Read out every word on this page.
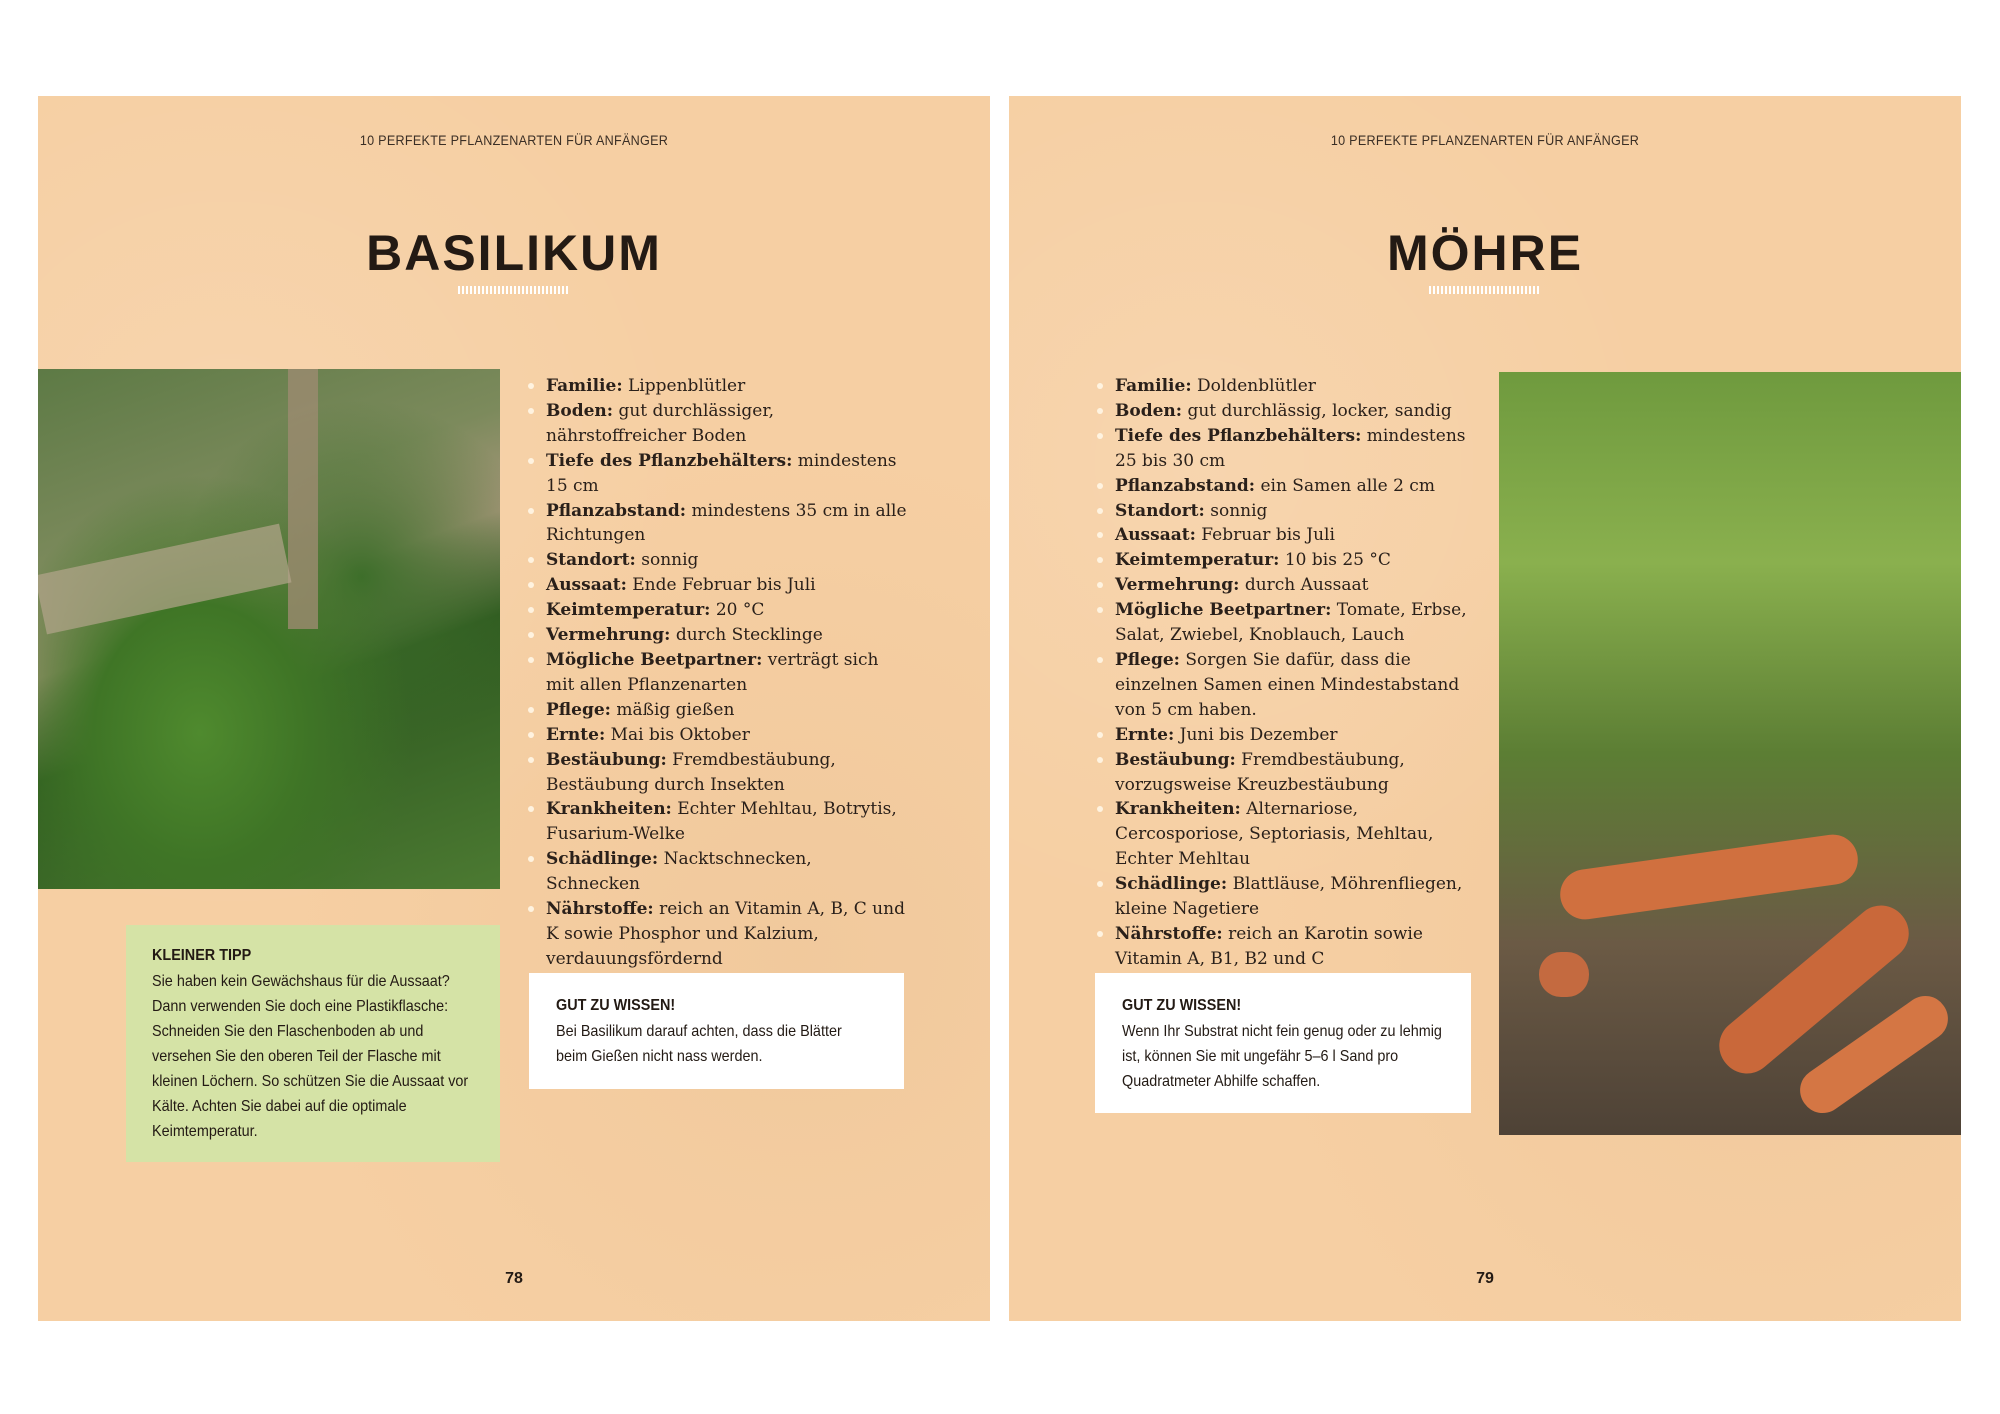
10 PERFEKTE PFLANZENARTEN FÜR ANFÄNGER
BASILIKUM
Familie: Lippenblütler
Boden: gut durchlässiger, nährstoffreicher Boden
Tiefe des Pflanzbehälters: mindestens 15 cm
Pflanzabstand: mindestens 35 cm in alle Richtungen
Standort: sonnig
Aussaat: Ende Februar bis Juli
Keimtemperatur: 20 °C
Vermehrung: durch Stecklinge
Mögliche Beetpartner: verträgt sich mit allen Pflanzenarten
Pflege: mäßig gießen
Ernte: Mai bis Oktober
Bestäubung: Fremdbestäubung, Bestäubung durch Insekten
Krankheiten: Echter Mehltau, Botrytis, Fusarium-Welke
Schädlinge: Nacktschnecken, Schnecken
Nährstoffe: reich an Vitamin A, B, C und K sowie Phosphor und Kalzium, verdauungsfördernd
KLEINER TIPP

Sie haben kein Gewächshaus für die Aussaat? Dann verwenden Sie doch eine Plastikflasche: Schneiden Sie den Flaschenboden ab und versehen Sie den oberen Teil der Flasche mit kleinen Löchern. So schützen Sie die Aussaat vor Kälte. Achten Sie dabei auf die optimale Keimtemperatur.

GUT ZU WISSEN!

Bei Basilikum darauf achten, dass die Blätter beim Gießen nicht nass werden.

78
10 PERFEKTE PFLANZENARTEN FÜR ANFÄNGER
MÖHRE
Familie: Doldenblütler
Boden: gut durchlässig, locker, sandig
Tiefe des Pflanzbehälters: mindestens 25 bis 30 cm
Pflanzabstand: ein Samen alle 2 cm
Standort: sonnig
Aussaat: Februar bis Juli
Keimtemperatur: 10 bis 25 °C
Vermehrung: durch Aussaat
Mögliche Beetpartner: Tomate, Erbse, Salat, Zwiebel, Knoblauch, Lauch
Pflege: Sorgen Sie dafür, dass die einzelnen Samen einen Mindestabstand von 5 cm haben.
Ernte: Juni bis Dezember
Bestäubung: Fremdbestäubung, vorzugsweise Kreuzbestäubung
Krankheiten: Alternariose, Cercosporiose, Septoriasis, Mehltau, Echter Mehltau
Schädlinge: Blattläuse, Möhrenfliegen, kleine Nagetiere
Nährstoffe: reich an Karotin sowie Vitamin A, B1, B2 und C
GUT ZU WISSEN!

Wenn Ihr Substrat nicht fein genug oder zu lehmig ist, können Sie mit ungefähr 5–6 l Sand pro Quadratmeter Abhilfe schaffen.

79
